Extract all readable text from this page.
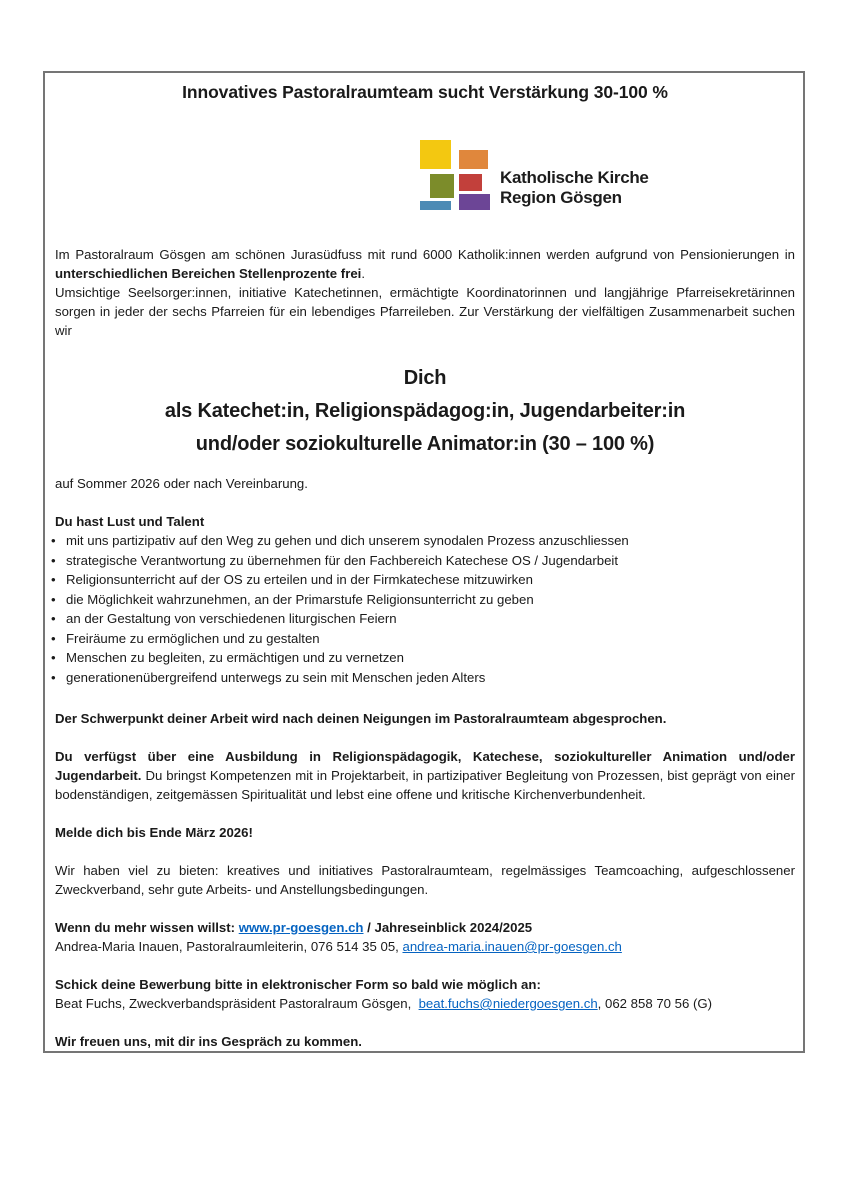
Innovatives Pastoralraumteam sucht Verstärkung 30-100 %
Katholische Kirche
Region Gösgen

Im Pastoralraum Gösgen am schönen Jurasüdfuss mit rund 6000 Katholik:innen werden aufgrund von Pensionierungen in unterschiedlichen Bereichen Stellenprozente frei.

Umsichtige Seelsorger:innen, initiative Katechetinnen, ermächtigte Koordinatorinnen und langjährige Pfarreisekretärinnen sorgen in jeder der sechs Pfarreien für ein lebendiges Pfarreileben. Zur Verstärkung der vielfältigen Zusammenarbeit suchen wir

Dich
als Katechet:in, Religionspädagog:in, Jugendarbeiter:in
und/oder soziokulturelle Animator:in (30 – 100 %)

auf Sommer 2026 oder nach Vereinbarung.

Du hast Lust und Talent

• mit uns partizipativ auf den Weg zu gehen und dich unserem synodalen Prozess anzuschliessen
• strategische Verantwortung zu übernehmen für den Fachbereich Katechese OS / Jugendarbeit
• Religionsunterricht auf der OS zu erteilen und in der Firmkatechese mitzuwirken
• die Möglichkeit wahrzunehmen, an der Primarstufe Religionsunterricht zu geben
• an der Gestaltung von verschiedenen liturgischen Feiern
• Freiräume zu ermöglichen und zu gestalten
• Menschen zu begleiten, zu ermächtigen und zu vernetzen
• generationenübergreifend unterwegs zu sein mit Menschen jeden Alters

Der Schwerpunkt deiner Arbeit wird nach deinen Neigungen im Pastoralraumteam abgesprochen.

Du verfügst über eine Ausbildung in Religionspädagogik, Katechese, soziokultureller Animation und/oder Jugendarbeit. Du bringst Kompetenzen mit in Projektarbeit, in partizipativer Begleitung von Prozessen, bist geprägt von einer bodenständigen, zeitgemässen Spiritualität und lebst eine offene und kritische Kirchenverbundenheit.

Melde dich bis Ende März 2026!

Wir haben viel zu bieten: kreatives und initiatives Pastoralraumteam, regelmässiges Teamcoaching, aufgeschlossener Zweckverband, sehr gute Arbeits- und Anstellungsbedingungen.

Wenn du mehr wissen willst: www.pr-goesgen.ch / Jahreseinblick 2024/2025

Andrea-Maria Inauen, Pastoralraumleiterin, 076 514 35 05, andrea-maria.inauen@pr-goesgen.ch

Schick deine Bewerbung bitte in elektronischer Form so bald wie möglich an:

Beat Fuchs, Zweckverbandspräsident Pastoralraum Gösgen,  beat.fuchs@niedergoesgen.ch, 062 858 70 56 (G)

Wir freuen uns, mit dir ins Gespräch zu kommen.
